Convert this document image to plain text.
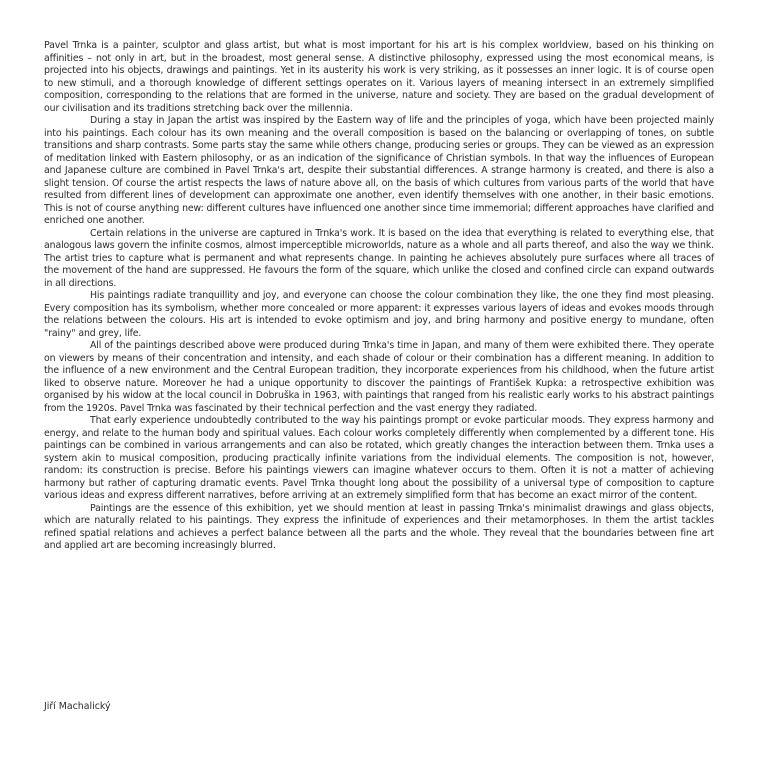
Pavel Trnka is a painter, sculptor and glass artist, but what is most important for his art is his complex worldview, based on his thinking on affinities – not only in art, but in the broadest, most general sense. A distinctive philosophy, expressed using the most economical means, is projected into his objects, drawings and paintings. Yet in its austerity his work is very striking, as it possesses an inner logic. It is of course open to new stimuli, and a thorough knowledge of different settings operates on it. Various layers of meaning intersect in an extremely simplified composition, corresponding to the relations that are formed in the universe, nature and society. They are based on the gradual development of our civilisation and its traditions stretching back over the millennia.

During a stay in Japan the artist was inspired by the Eastern way of life and the principles of yoga, which have been projected mainly into his paintings. Each colour has its own meaning and the overall composition is based on the balancing or overlapping of tones, on subtle transitions and sharp contrasts. Some parts stay the same while others change, producing series or groups. They can be viewed as an expression of meditation linked with Eastern philosophy, or as an indication of the significance of Christian symbols. In that way the influences of European and Japanese culture are combined in Pavel Trnka's art, despite their substantial differences. A strange harmony is created, and there is also a slight tension. Of course the artist respects the laws of nature above all, on the basis of which cultures from various parts of the world that have resulted from different lines of development can approximate one another, even identify themselves with one another, in their basic emotions. This is not of course anything new: different cultures have influenced one another since time immemorial; different approaches have clarified and enriched one another.

Certain relations in the universe are captured in Trnka's work. It is based on the idea that everything is related to everything else, that analogous laws govern the infinite cosmos, almost imperceptible microworlds, nature as a whole and all parts thereof, and also the way we think. The artist tries to capture what is permanent and what represents change. In painting he achieves absolutely pure surfaces where all traces of the movement of the hand are suppressed. He favours the form of the square, which unlike the closed and confined circle can expand outwards in all directions.

His paintings radiate tranquillity and joy, and everyone can choose the colour combination they like, the one they find most pleasing. Every composition has its symbolism, whether more concealed or more apparent: it expresses various layers of ideas and evokes moods through the relations between the colours. His art is intended to evoke optimism and joy, and bring harmony and positive energy to mundane, often "rainy" and grey, life.

All of the paintings described above were produced during Trnka's time in Japan, and many of them were exhibited there. They operate on viewers by means of their concentration and intensity, and each shade of colour or their combination has a different meaning. In addition to the influence of a new environment and the Central European tradition, they incorporate experiences from his childhood, when the future artist liked to observe nature. Moreover he had a unique opportunity to discover the paintings of František Kupka: a retrospective exhibition was organised by his widow at the local council in Dobruška in 1963, with paintings that ranged from his realistic early works to his abstract paintings from the 1920s. Pavel Trnka was fascinated by their technical perfection and the vast energy they radiated.

That early experience undoubtedly contributed to the way his paintings prompt or evoke particular moods. They express harmony and energy, and relate to the human body and spiritual values. Each colour works completely differently when complemented by a different tone. His paintings can be combined in various arrangements and can also be rotated, which greatly changes the interaction between them. Trnka uses a system akin to musical composition, producing practically infinite variations from the individual elements. The composition is not, however, random: its construction is precise. Before his paintings viewers can imagine whatever occurs to them. Often it is not a matter of achieving harmony but rather of capturing dramatic events. Pavel Trnka thought long about the possibility of a universal type of composition to capture various ideas and express different narratives, before arriving at an extremely simplified form that has become an exact mirror of the content.

Paintings are the essence of this exhibition, yet we should mention at least in passing Trnka's minimalist drawings and glass objects, which are naturally related to his paintings. They express the infinitude of experiences and their metamorphoses. In them the artist tackles refined spatial relations and achieves a perfect balance between all the parts and the whole. They reveal that the boundaries between fine art and applied art are becoming increasingly blurred.

Jiří Machalický
